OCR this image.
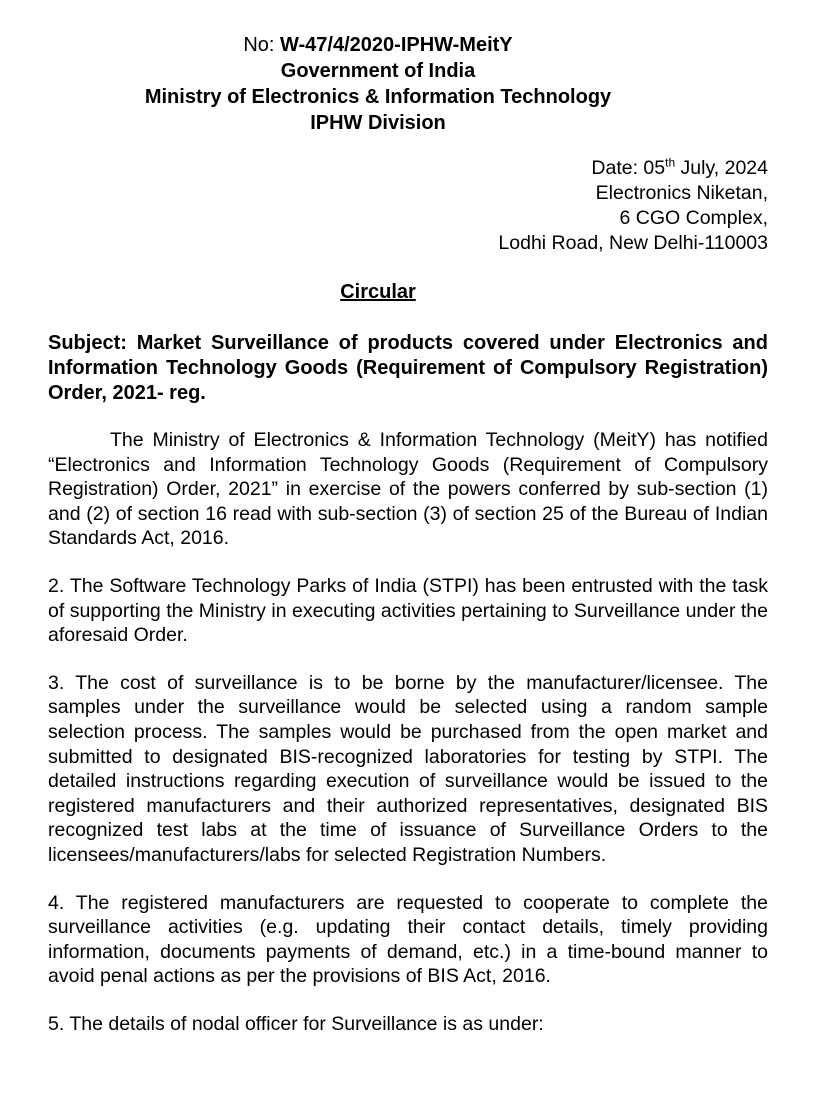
No: W-47/4/2020-IPHW-MeitY
Government of India
Ministry of Electronics & Information Technology
IPHW Division
Date: 05th July, 2024
Electronics Niketan,
6 CGO Complex,
Lodhi Road, New Delhi-110003
Circular
Subject: Market Surveillance of products covered under Electronics and Information Technology Goods (Requirement of Compulsory Registration) Order, 2021- reg.

The Ministry of Electronics & Information Technology (MeitY) has notified “Electronics and Information Technology Goods (Requirement of Compulsory Registration) Order, 2021” in exercise of the powers conferred by sub-section (1) and (2) of section 16 read with sub-section (3) of section 25 of the Bureau of Indian Standards Act, 2016.

2. The Software Technology Parks of India (STPI) has been entrusted with the task of supporting the Ministry in executing activities pertaining to Surveillance under the aforesaid Order.

3. The cost of surveillance is to be borne by the manufacturer/licensee. The samples under the surveillance would be selected using a random sample selection process. The samples would be purchased from the open market and submitted to designated BIS-recognized laboratories for testing by STPI. The detailed instructions regarding execution of surveillance would be issued to the registered manufacturers and their authorized representatives, designated BIS recognized test labs at the time of issuance of Surveillance Orders to the licensees/manufacturers/labs for selected Registration Numbers.

4. The registered manufacturers are requested to cooperate to complete the surveillance activities (e.g. updating their contact details, timely providing information, documents payments of demand, etc.) in a time-bound manner to avoid penal actions as per the provisions of BIS Act, 2016.

5. The details of nodal officer for Surveillance is as under:
